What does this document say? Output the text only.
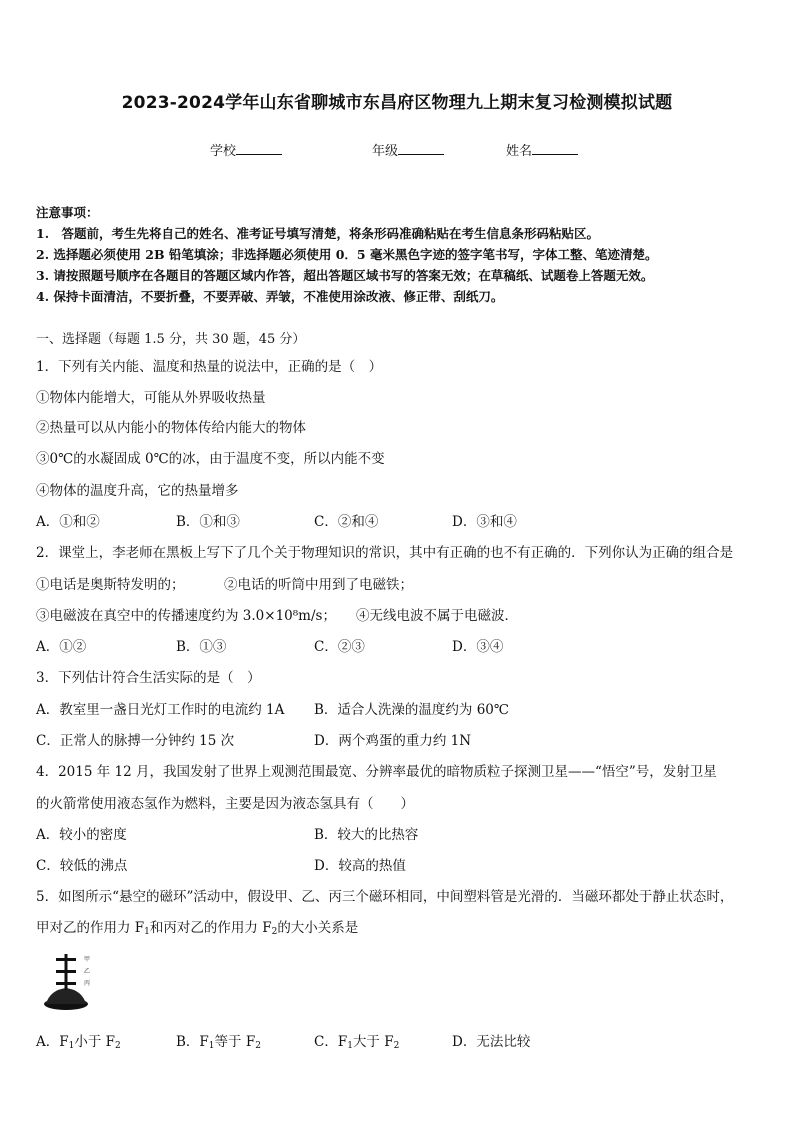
2023-2024学年山东省聊城市东昌府区物理九上期末复习检测模拟试题
学校	年级	姓名
注意事项：
1.　答题前，考生先将自己的姓名、准考证号填写清楚，将条形码准确粘贴在考生信息条形码粘贴区。
2. 选择题必须使用 2B 铅笔填涂；非选择题必须使用 0．5 毫米黑色字迹的签字笔书写，字体工整、笔迹清楚。
3. 请按照题号顺序在各题目的答题区域内作答，超出答题区域书写的答案无效；在草稿纸、试题卷上答题无效。
4. 保持卡面清洁，不要折叠，不要弄破、弄皱，不准使用涂改液、修正带、刮纸刀。
一、选择题（每题 1.5 分，共 30 题，45 分）
1．下列有关内能、温度和热量的说法中，正确的是（　）
①物体内能增大，可能从外界吸收热量
②热量可以从内能小的物体传给内能大的物体
③0℃的水凝固成 0℃的冰，由于温度不变，所以内能不变
④物体的温度升高，它的热量增多
A．①和②	B．①和③	C．②和④	D．③和④
2．课堂上，李老师在黑板上写下了几个关于物理知识的常识，其中有正确的也不有正确的．下列你认为正确的组合是
①电话是奥斯特发明的；	②电话的听筒中用到了电磁铁；
③电磁波在真空中的传播速度约为 3.0×10⁸m/s； ④无线电波不属于电磁波．
A．①②	B．①③	C．②③	D．③④
3．下列估计符合生活实际的是（　）
A．教室里一盏日光灯工作时的电流约 1A B．适合人洗澡的温度约为 60℃
C．正常人的脉搏一分钟约 15 次	D．两个鸡蛋的重力约 1N
4．2015 年 12 月，我国发射了世界上观测范围最宽、分辨率最优的暗物质粒子探测卫星——“悟空”号，发射卫星
的火箭常使用液态氢作为燃料，主要是因为液态氢具有（　　）
A．较小的密度	B．较大的比热容
C．较低的沸点	D．较高的热值
5．如图所示“悬空的磁环”活动中，假设甲、乙、丙三个磁环相同，中间塑料管是光滑的．当磁环都处于静止状态时，
甲对乙的作用力 $F_1$和丙对乙的作用力 $F_2$的大小关系是
甲
乙
丙
A．$F_1$小于 $F_2$	B．$F_1$等于 $F_2$	C．$F_1$大于 $F_2$	D．无法比较
